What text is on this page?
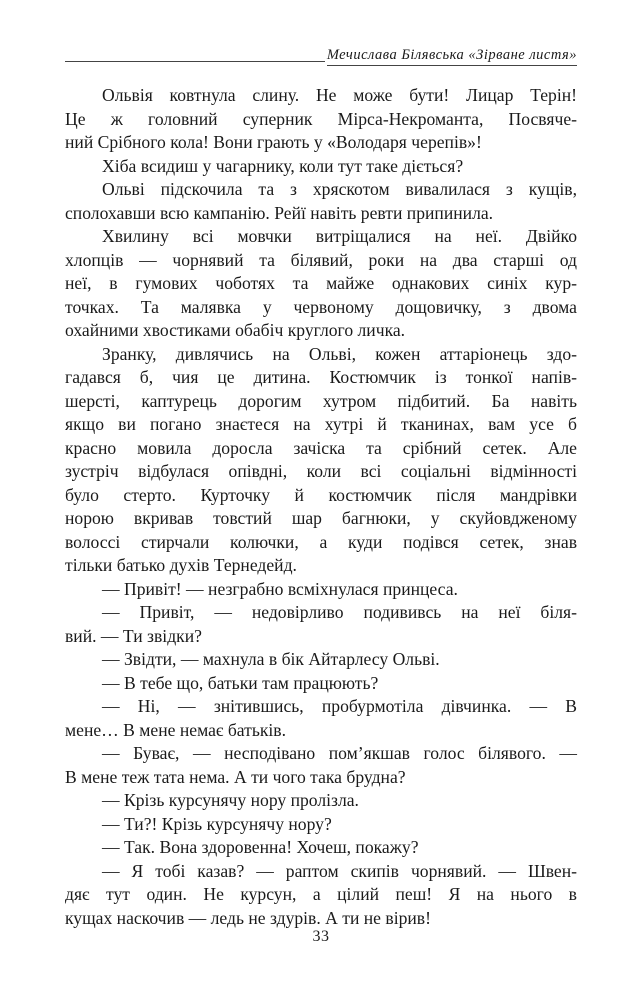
Мечислава Білявська «Зірване листя»
Ольвія ковтнула слину. Не може бути! Лицар Терін!
Це ж головний суперник Мірса-Некроманта, Посвяче-
ний Срібного кола! Вони грають у «Володаря черепів»!
Хіба всидиш у чагарнику, коли тут таке діється?
Ольві підскочила та з хряскотом вивалилася з кущів,
сполохавши всю кампанію. Рейї навіть ревти припинила.
Хвилину всі мовчки витріщалися на неї. Двійко
хлопців — чорнявий та білявий, роки на два старші од
неї, в гумових чоботях та майже однакових синіх кур-
точках. Та малявка у червоному дощовичку, з двома
охайними хвостиками обабіч круглого личка.
Зранку, дивлячись на Ольві, кожен аттаріонець здо-
гадався б, чия це дитина. Костюмчик із тонкої напів-
шерсті, каптурець дорогим хутром підбитий. Ба навіть
якщо ви погано знаєтеся на хутрі й тканинах, вам усе б
красно мовила доросла зачіска та срібний сетек. Але
зустріч відбулася опівдні, коли всі соціальні відмінності
було стерто. Курточку й костюмчик після мандрівки
норою вкривав товстий шар багнюки, у скуйовдженому
волоссі стирчали колючки, а куди подівся сетек, знав
тільки батько духів Тернедейд.
— Привіт! — незграбно всміхнулася принцеса.
— Привіт, — недовірливо подививсь на неї біля-
вий. — Ти звідки?
— Звідти, — махнула в бік Айтарлесу Ольві.
— В тебе що, батьки там працюють?
— Ні, — знітившись, пробурмотіла дівчинка. — В
мене… В мене немає батьків.
— Буває, — несподівано пом’якшав голос білявого. —
В мене теж тата нема. А ти чого така брудна?
— Крізь курсунячу нору пролізла.
— Ти?! Крізь курсунячу нору?
— Так. Вона здоровенна! Хочеш, покажу?
— Я тобі казав? — раптом скипів чорнявий. — Швен-
дяє тут один. Не курсун, а цілий пеш! Я на нього в
кущах наскочив — ледь не здурів. А ти не вірив!
33
